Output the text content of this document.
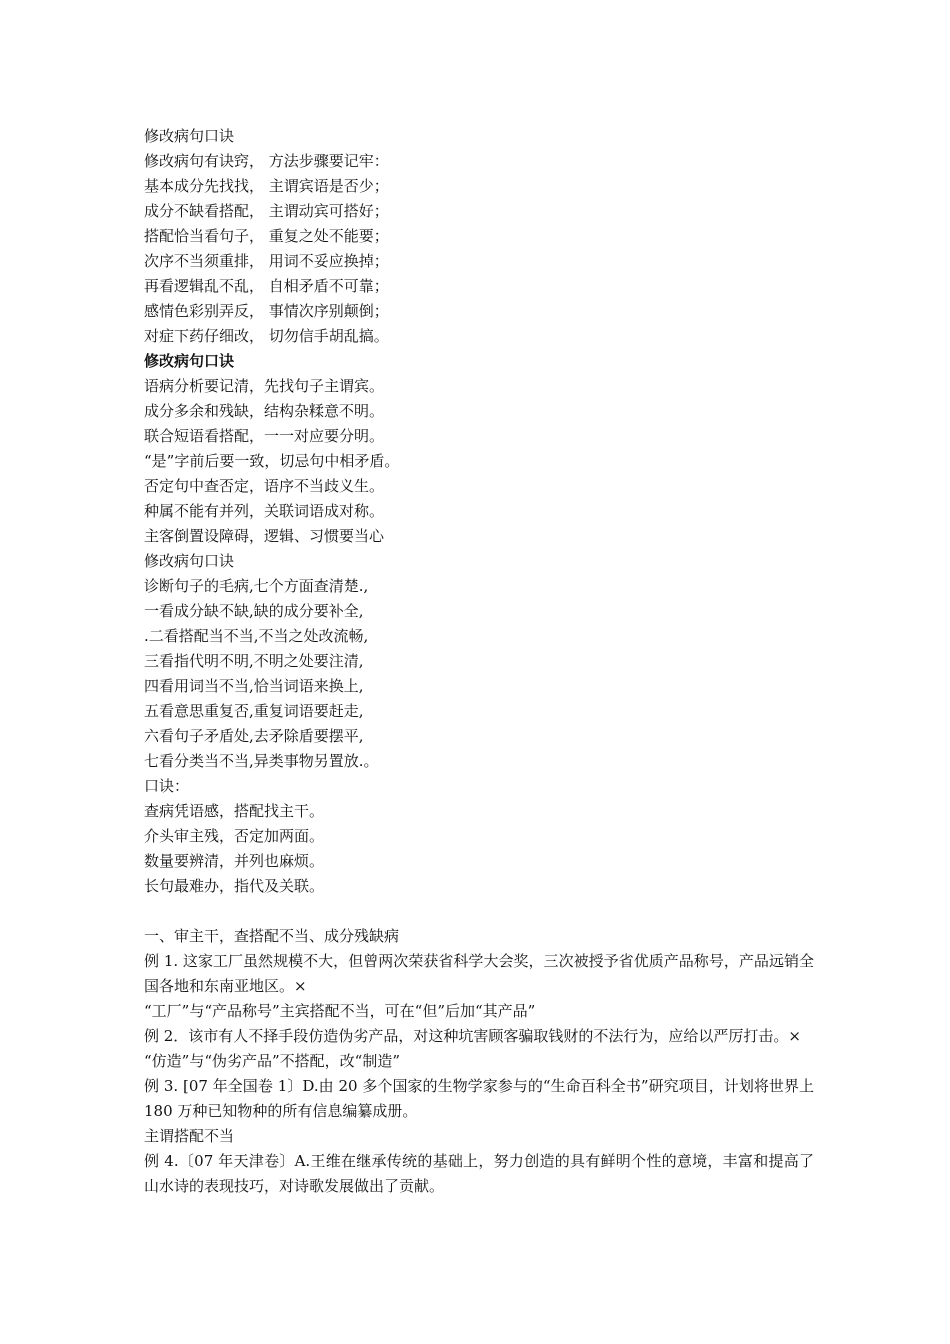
修改病句口诀
修改病句有诀窍， 方法步骤要记牢：
基本成分先找找， 主谓宾语是否少；
成分不缺看搭配， 主谓动宾可搭好；
搭配恰当看句子， 重复之处不能要；
次序不当须重排， 用词不妥应换掉；
再看逻辑乱不乱， 自相矛盾不可靠；
感情色彩别弄反， 事情次序别颠倒；
对症下药仔细改， 切勿信手胡乱搞。
修改病句口诀
语病分析要记清，先找句子主谓宾。
成分多余和残缺，结构杂糅意不明。
联合短语看搭配，一一对应要分明。
“是”字前后要一致，切忌句中相矛盾。
否定句中查否定，语序不当歧义生。
种属不能有并列，关联词语成对称。
主客倒置设障碍，逻辑、习惯要当心
修改病句口诀
诊断句子的毛病,七个方面查清楚.,
一看成分缺不缺,缺的成分要补全,
.二看搭配当不当,不当之处改流畅,
三看指代明不明,不明之处要注清,
四看用词当不当,恰当词语来换上,
五看意思重复否,重复词语要赶走,
六看句子矛盾处,去矛除盾要摆平,
七看分类当不当,异类事物另置放.。
口诀：
查病凭语感，搭配找主干。
介头审主残，否定加两面。
数量要辨清，并列也麻烦。
长句最难办，指代及关联。
一、审主干，查搭配不当、成分残缺病
例 1. 这家工厂虽然规模不大，但曾两次荣获省科学大会奖，三次被授予省优质产品称号，产品远销全国各地和东南亚地区。×
“工厂”与“产品称号”主宾搭配不当，可在“但”后加“其产品”
例 2．该市有人不择手段仿造伪劣产品，对这种坑害顾客骗取钱财的不法行为，应给以严厉打击。×
“仿造”与“伪劣产品”不搭配，改“制造”
例 3. [07 年全国卷 1〕D.由 20 多个国家的生物学家参与的“生命百科全书”研究项目，计划将世界上 180 万种已知物种的所有信息编纂成册。
主谓搭配不当
例 4.〔07 年天津卷〕A.王维在继承传统的基础上，努力创造的具有鲜明个性的意境，丰富和提高了山水诗的表现技巧，对诗歌发展做出了贡献。
